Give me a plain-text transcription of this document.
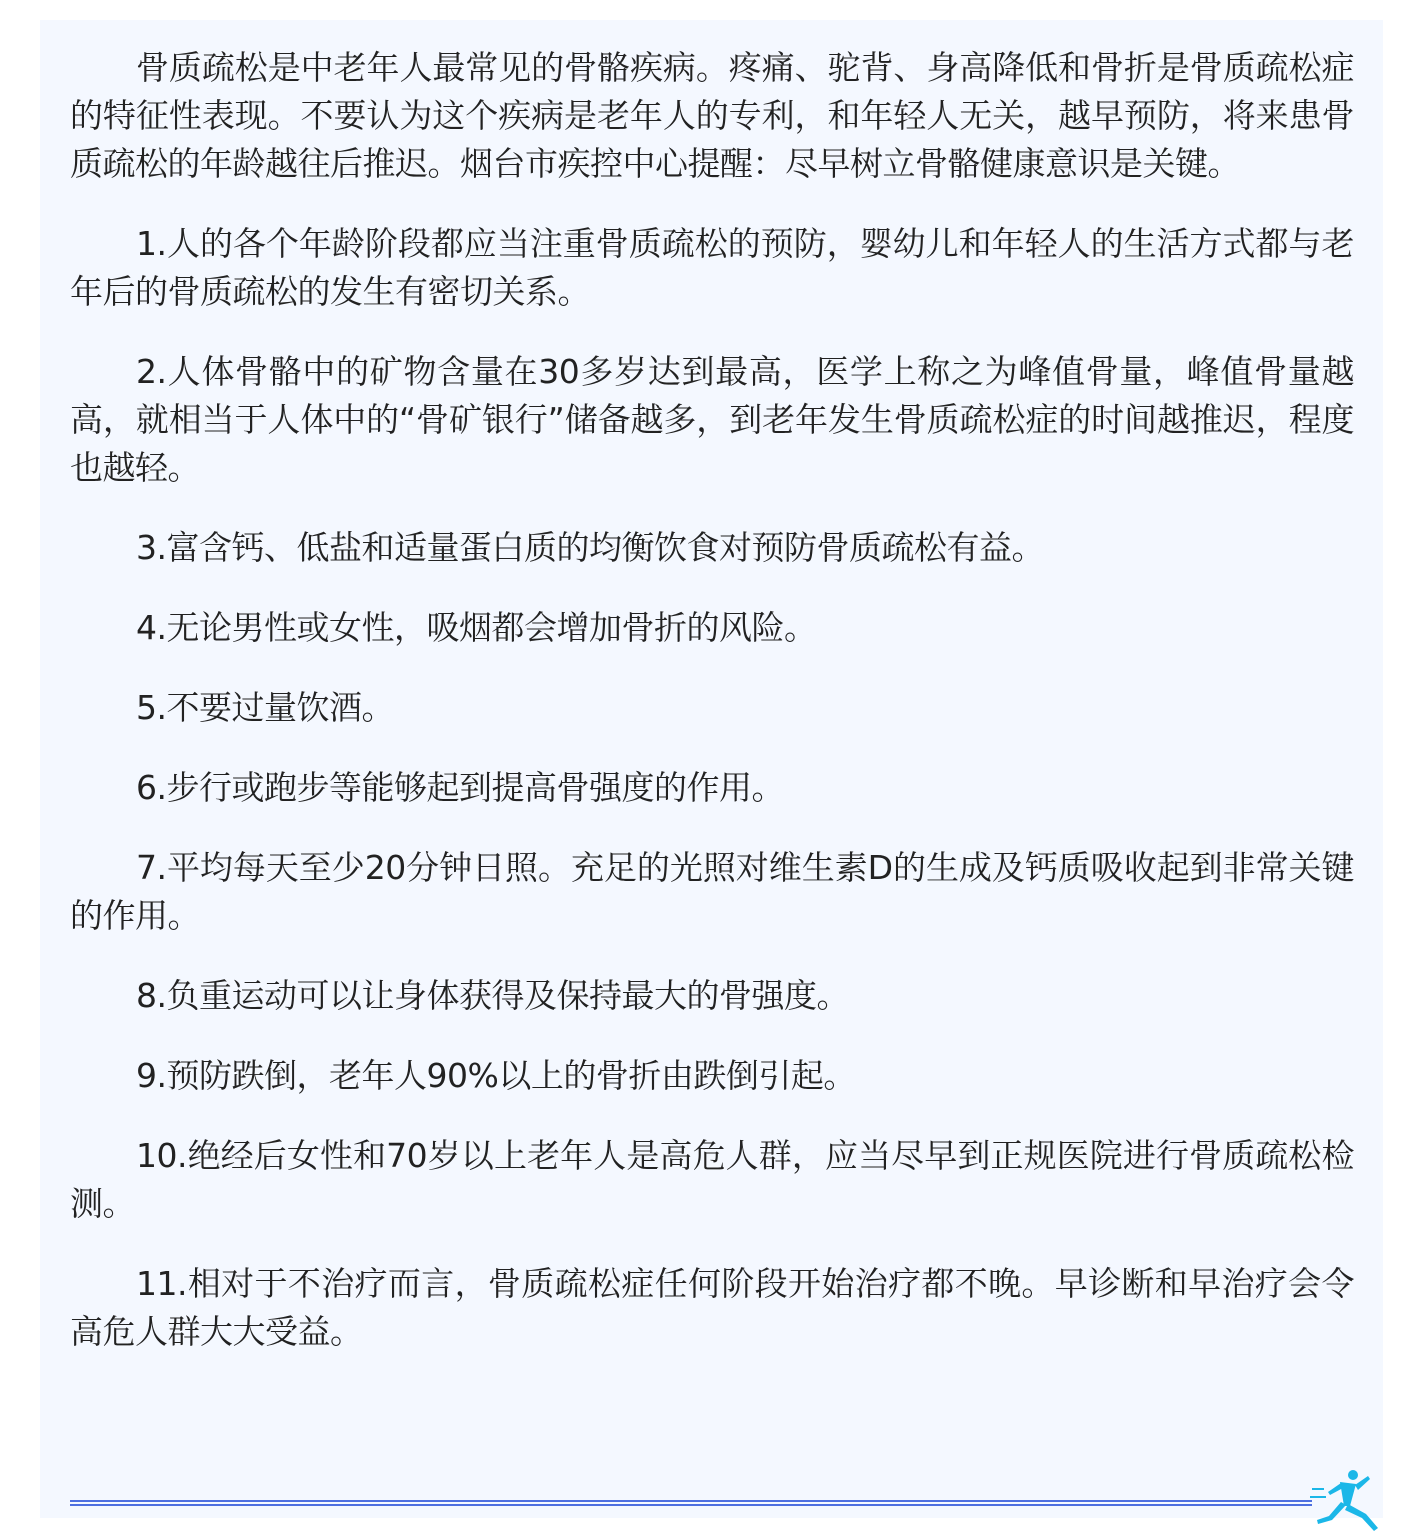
骨质疏松是中老年人最常见的骨骼疾病。疼痛、驼背、身高降低和骨折是骨质疏松症的特征性表现。不要认为这个疾病是老年人的专利，和年轻人无关，越早预防，将来患骨质疏松的年龄越往后推迟。烟台市疾控中心提醒：尽早树立骨骼健康意识是关键。

1.人的各个年龄阶段都应当注重骨质疏松的预防，婴幼儿和年轻人的生活方式都与老年后的骨质疏松的发生有密切关系。

2.人体骨骼中的矿物含量在30多岁达到最高，医学上称之为峰值骨量，峰值骨量越高，就相当于人体中的“骨矿银行”储备越多，到老年发生骨质疏松症的时间越推迟，程度也越轻。

3.富含钙、低盐和适量蛋白质的均衡饮食对预防骨质疏松有益。

4.无论男性或女性，吸烟都会增加骨折的风险。

5.不要过量饮酒。

6.步行或跑步等能够起到提高骨强度的作用。

7.平均每天至少20分钟日照。充足的光照对维生素D的生成及钙质吸收起到非常关键的作用。

8.负重运动可以让身体获得及保持最大的骨强度。

9.预防跌倒，老年人90%以上的骨折由跌倒引起。

10.绝经后女性和70岁以上老年人是高危人群，应当尽早到正规医院进行骨质疏松检测。

11.相对于不治疗而言，骨质疏松症任何阶段开始治疗都不晚。早诊断和早治疗会令高危人群大大受益。
